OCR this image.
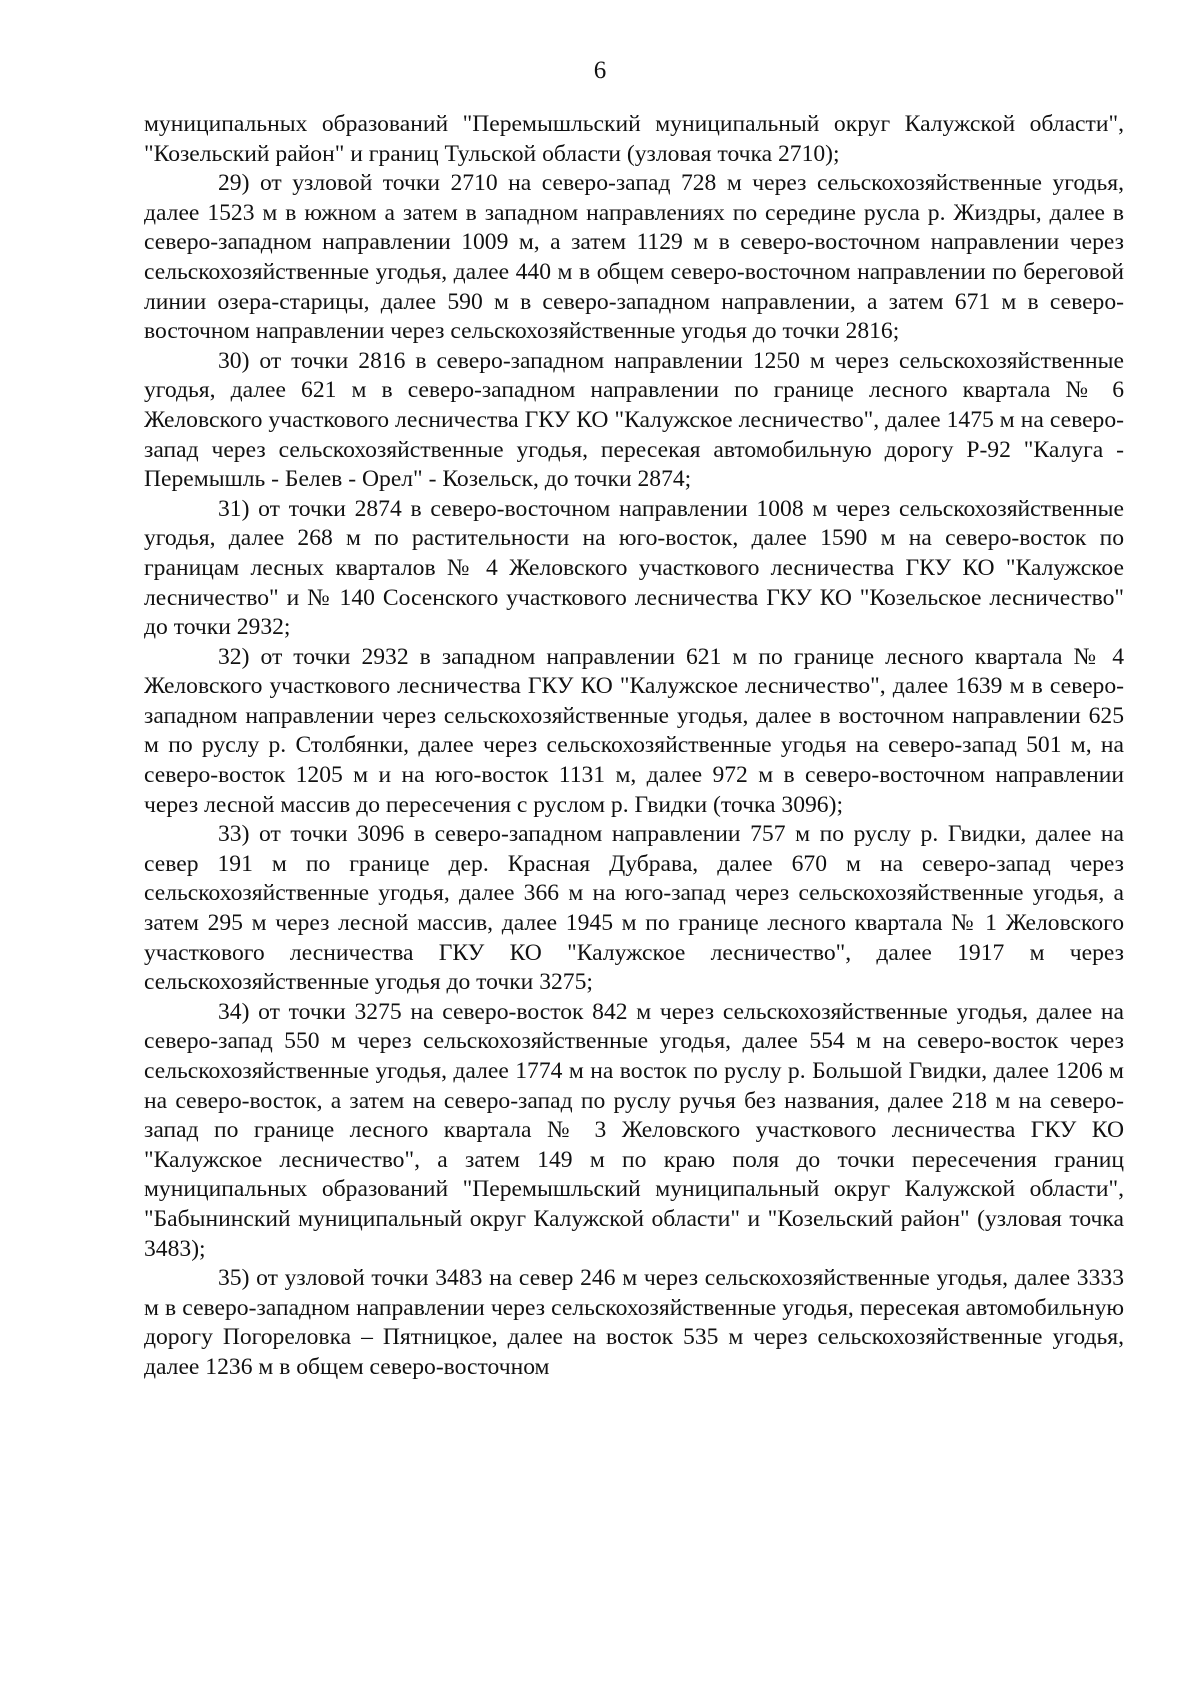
6

муниципальных образований "Перемышльский муниципальный округ Калужской области", "Козельский район" и границ Тульской области (узловая точка 2710);

29) от узловой точки 2710 на северо-запад 728 м через сельскохозяйственные угодья, далее 1523 м в южном а затем в западном направлениях по середине русла р. Жиздры, далее в северо-западном направлении 1009 м, а затем 1129 м в северо-восточном направлении через сельскохозяйственные угодья, далее 440 м в общем северо-восточном направлении по береговой линии озера-старицы, далее 590 м в северо-западном направлении, а затем 671 м в северо-восточном направлении через сельскохозяйственные угодья до точки 2816;

30) от точки 2816 в северо-западном направлении 1250 м через сельскохозяйственные угодья, далее 621 м в северо-западном направлении по границе лесного квартала № 6 Желовского участкового лесничества ГКУ КО "Калужское лесничество", далее 1475 м на северо-запад через сельскохозяйственные угодья, пересекая автомобильную дорогу Р-92 "Калуга - Перемышль - Белев - Орел" - Козельск, до точки 2874;

31) от точки 2874 в северо-восточном направлении 1008 м через сельскохозяйственные угодья, далее 268 м по растительности на юго-восток, далее 1590 м на северо-восток по границам лесных кварталов № 4 Желовского участкового лесничества ГКУ КО "Калужское лесничество" и № 140 Сосенского участкового лесничества ГКУ КО "Козельское лесничество" до точки 2932;

32) от точки 2932 в западном направлении 621 м по границе лесного квартала № 4 Желовского участкового лесничества ГКУ КО "Калужское лесничество", далее 1639 м в северо-западном направлении через сельскохозяйственные угодья, далее в восточном направлении 625 м по руслу р. Столбянки, далее через сельскохозяйственные угодья на северо-запад 501 м, на северо-восток 1205 м и на юго-восток 1131 м, далее 972 м в северо-восточном направлении через лесной массив до пересечения с руслом р. Гвидки (точка 3096);

33) от точки 3096 в северо-западном направлении 757 м по руслу р. Гвидки, далее на север 191 м по границе дер. Красная Дубрава, далее 670 м на северо-запад через сельскохозяйственные угодья, далее 366 м на юго-запад через сельскохозяйственные угодья, а затем 295 м через лесной массив, далее 1945 м по границе лесного квартала № 1 Желовского участкового лесничества ГКУ КО "Калужское лесничество", далее 1917 м через сельскохозяйственные угодья до точки 3275;

34) от точки 3275 на северо-восток 842 м через сельскохозяйственные угодья, далее на северо-запад 550 м через сельскохозяйственные угодья, далее 554 м на северо-восток через сельскохозяйственные угодья, далее 1774 м на восток по руслу р. Большой Гвидки, далее 1206 м на северо-восток, а затем на северо-запад по руслу ручья без названия, далее 218 м на северо-запад по границе лесного квартала № 3 Желовского участкового лесничества ГКУ КО "Калужское лесничество", а затем 149 м по краю поля до точки пересечения границ муниципальных образований "Перемышльский муниципальный округ Калужской области", "Бабынинский муниципальный округ Калужской области" и "Козельский район" (узловая точка 3483);

35) от узловой точки 3483 на север 246 м через сельскохозяйственные угодья, далее 3333 м в северо-западном направлении через сельскохозяйственные угодья, пересекая автомобильную дорогу Погореловка – Пятницкое, далее на восток 535 м через сельскохозяйственные угодья, далее 1236 м в общем северо-восточном
